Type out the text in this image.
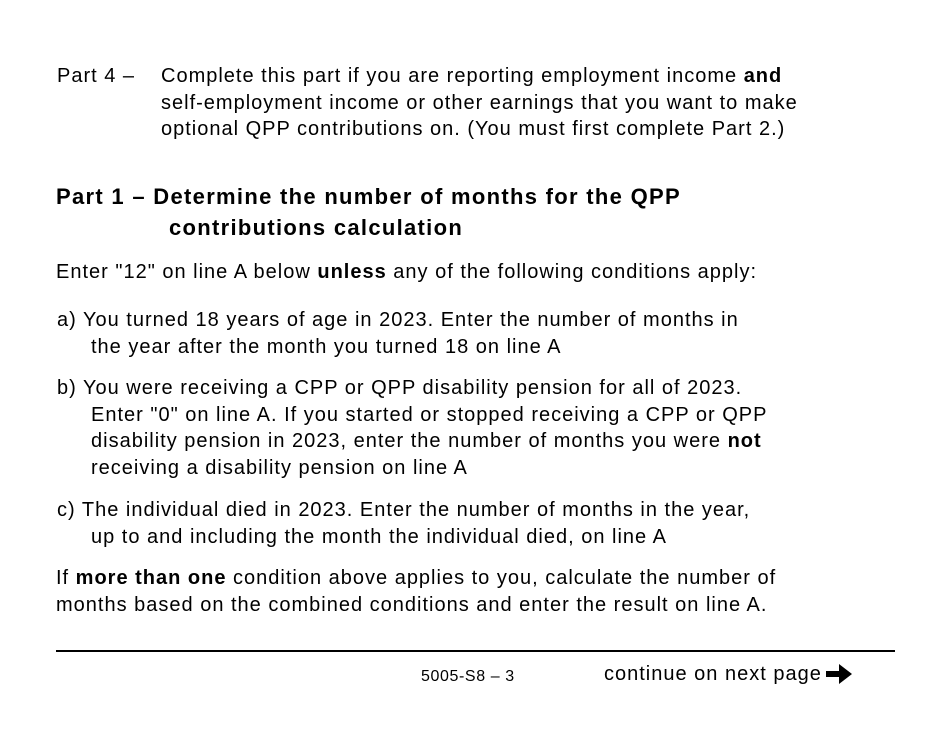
Part 4 – Complete this part if you are reporting employment income and
self-employment income or other earnings that you want to make
optional QPP contributions on. (You must first complete Part 2.)
Part 1 – Determine the number of months for the QPP
contributions calculation
Enter "12" on line A below unless any of the following conditions apply:
a) You turned 18 years of age in 2023. Enter the number of months in
the year after the month you turned 18 on line A
b) You were receiving a CPP or QPP disability pension for all of 2023.
Enter "0" on line A. If you started or stopped receiving a CPP or QPP
disability pension in 2023, enter the number of months you were not
receiving a disability pension on line A
c) The individual died in 2023. Enter the number of months in the year,
up to and including the month the individual died, on line A
If more than one condition above applies to you, calculate the number of
months based on the combined conditions and enter the result on line A.
5005-S8 – 3	continue on next page
